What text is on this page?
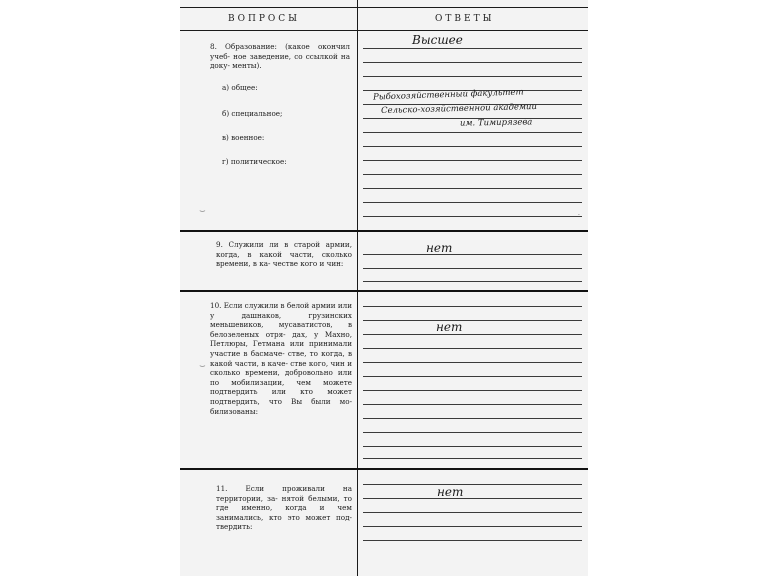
ВОПРОСЫ	ОТВЕТЫ
8. Образование: (какое окончил учеб- ное заведение, со ссылкой на доку- менты).
а) общее:
б) специальное;
в) военное:
г) политическое:
Высшее
Рыбохозяйственный факультет
Сельско-хозяйственной академии
им. Тимирязева
9. Служили ли в старой армии, когда, в какой части, сколько времени, в ка- честве кого и чин:
нет
10. Если служили в белой армии или у дашнаков, грузинских меньшевиков, мусаватистов, в белозеленых отря- дах, у Махно, Петлюры, Гетмана или принимали участие в басмаче- стве, то когда, в какой части, в каче- стве кого, чин и сколько времени, добровольно или по мобилизации, чем можете подтвердить или кто может подтвердить, что Вы были мо- билизованы:
нет
11. Если проживали на территории, за- нятой белыми, то где именно, когда и чем занимались, кто это может под- твердить:
нет
‿
‿
·
